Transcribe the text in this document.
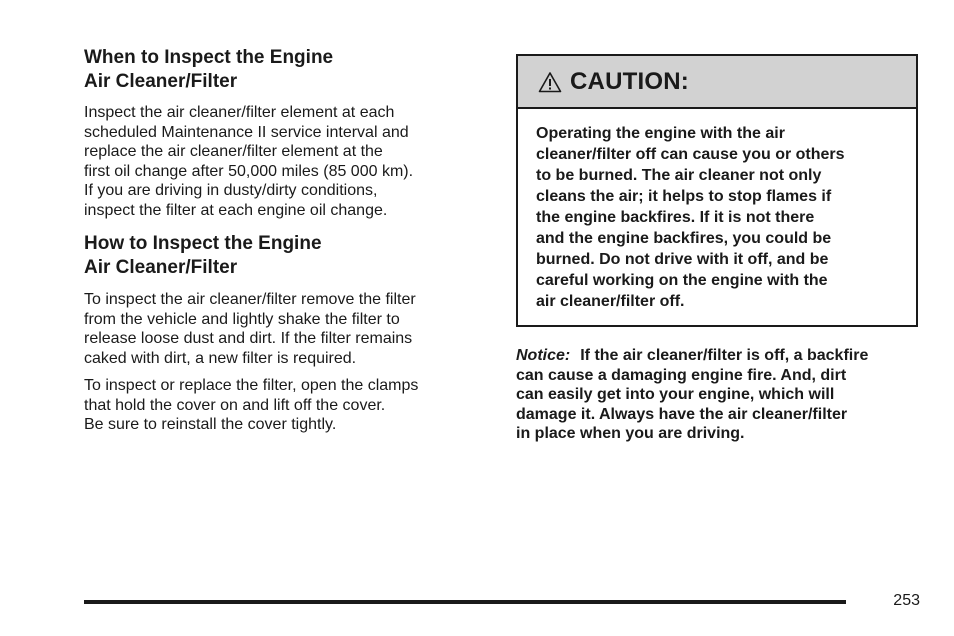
When to Inspect the Engine
Air Cleaner/Filter

Inspect the air cleaner/filter element at each
scheduled Maintenance II service interval and
replace the air cleaner/filter element at the
first oil change after 50,000 miles (85 000 km).
If you are driving in dusty/dirty conditions,
inspect the filter at each engine oil change.

How to Inspect the Engine
Air Cleaner/Filter

To inspect the air cleaner/filter remove the filter
from the vehicle and lightly shake the filter to
release loose dust and dirt. If the filter remains
caked with dirt, a new filter is required.

To inspect or replace the filter, open the clamps
that hold the cover on and lift off the cover.
Be sure to reinstall the cover tightly.

CAUTION:
Operating the engine with the air
cleaner/filter off can cause you or others
to be burned. The air cleaner not only
cleans the air; it helps to stop flames if
the engine backfires. If it is not there
and the engine backfires, you could be
burned. Do not drive with it off, and be
careful working on the engine with the
air cleaner/filter off.
Notice: If the air cleaner/filter is off, a backfire
can cause a damaging engine fire. And, dirt
can easily get into your engine, which will
damage it. Always have the air cleaner/filter
in place when you are driving.
253
